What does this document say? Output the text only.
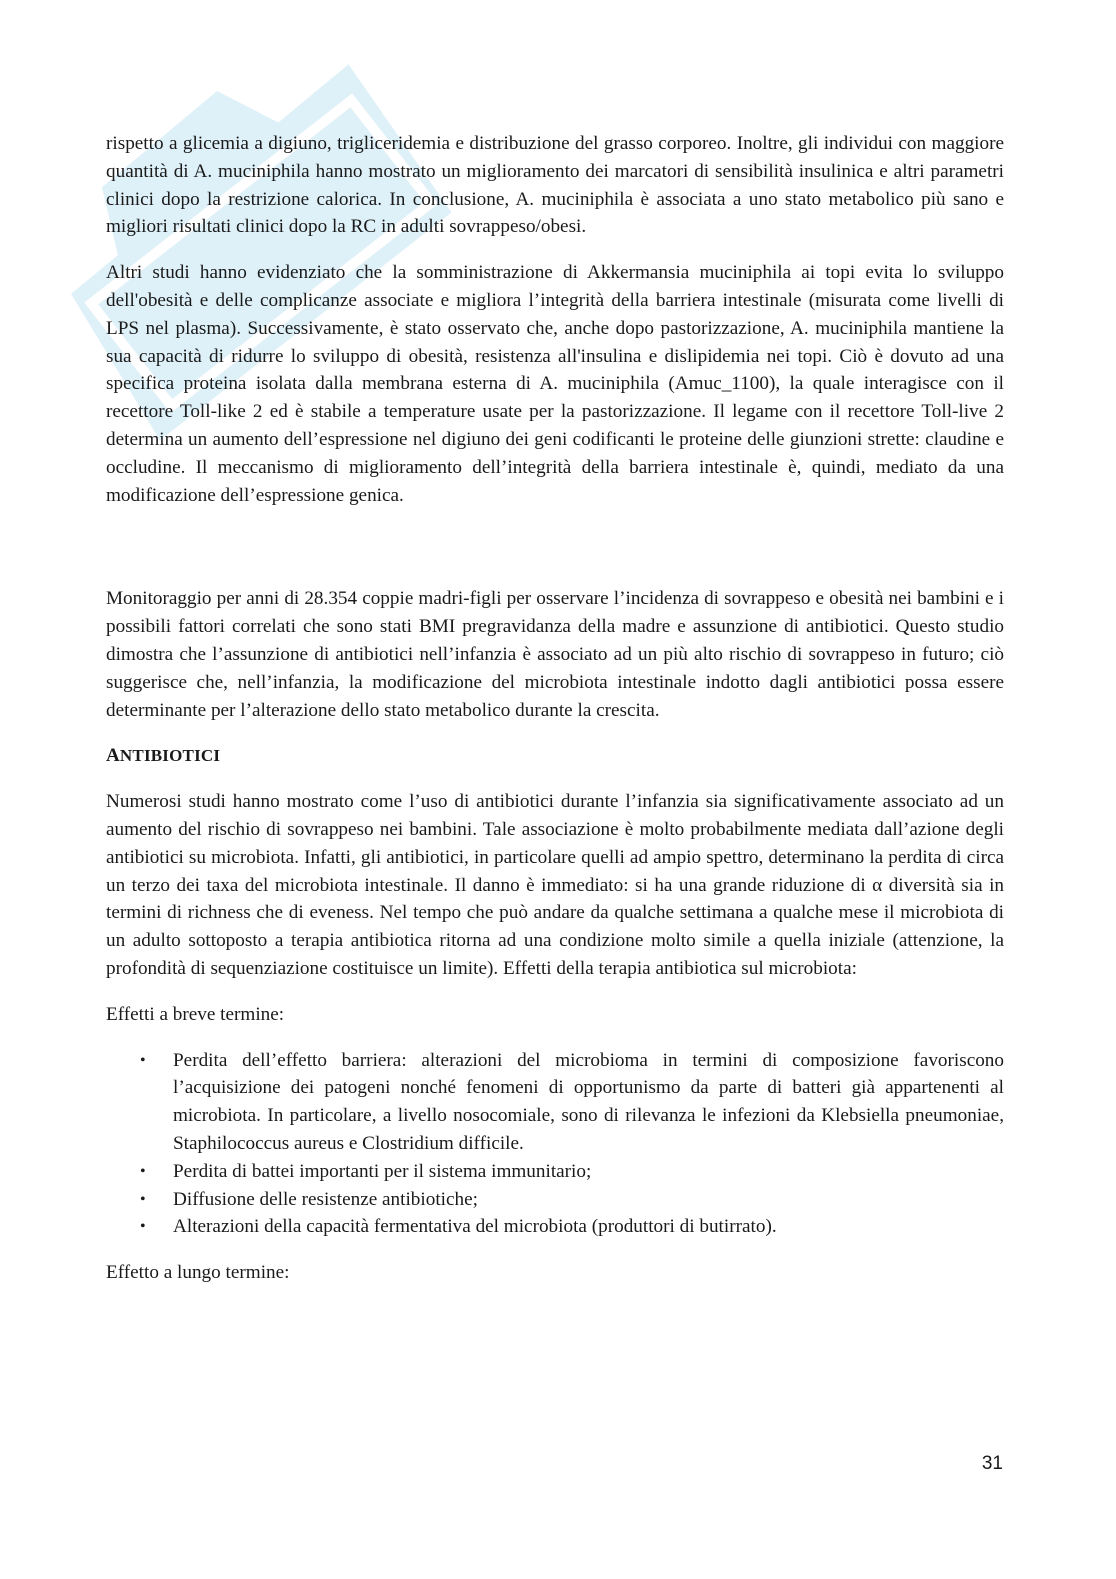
rispetto a glicemia a digiuno, trigliceridemia e distribuzione del grasso corporeo. Inoltre, gli individui con maggiore quantità di A. muciniphila hanno mostrato un miglioramento dei marcatori di sensibilità insulinica e altri parametri clinici dopo la restrizione calorica. In conclusione, A. muciniphila è associata a uno stato metabolico più sano e migliori risultati clinici dopo la RC in adulti sovrappeso/obesi.

Altri studi hanno evidenziato che la somministrazione di Akkermansia muciniphila ai topi evita lo sviluppo dell'obesità e delle complicanze associate e migliora l’integrità della barriera intestinale (misurata come livelli di LPS nel plasma). Successivamente, è stato osservato che, anche dopo pastorizzazione, A. muciniphila mantiene la sua capacità di ridurre lo sviluppo di obesità, resistenza all'insulina e dislipidemia nei topi. Ciò è dovuto ad una specifica proteina isolata dalla membrana esterna di A. muciniphila (Amuc_1100), la quale interagisce con il recettore Toll-like 2 ed è stabile a temperature usate per la pastorizzazione. Il legame con il recettore Toll-live 2 determina un aumento dell’espressione nel digiuno dei geni codificanti le proteine delle giunzioni strette: claudine e occludine. Il meccanismo di miglioramento dell’integrità della barriera intestinale è, quindi, mediato da una modificazione dell’espressione genica.

Monitoraggio per anni di 28.354 coppie madri-figli per osservare l’incidenza di sovrappeso e obesità nei bambini e i possibili fattori correlati che sono stati BMI pregravidanza della madre e assunzione di antibiotici. Questo studio dimostra che l’assunzione di antibiotici nell’infanzia è associato ad un più alto rischio di sovrappeso in futuro; ciò suggerisce che, nell’infanzia, la modificazione del microbiota intestinale indotto dagli antibiotici possa essere determinante per l’alterazione dello stato metabolico durante la crescita.

ANTIBIOTICI

Numerosi studi hanno mostrato come l’uso di antibiotici durante l’infanzia sia significativamente associato ad un aumento del rischio di sovrappeso nei bambini. Tale associazione è molto probabilmente mediata dall’azione degli antibiotici su microbiota. Infatti, gli antibiotici, in particolare quelli ad ampio spettro, determinano la perdita di circa un terzo dei taxa del microbiota intestinale. Il danno è immediato: si ha una grande riduzione di α diversità sia in termini di richness che di eveness. Nel tempo che può andare da qualche settimana a qualche mese il microbiota di un adulto sottoposto a terapia antibiotica ritorna ad una condizione molto simile a quella iniziale (attenzione, la profondità di sequenziazione costituisce un limite). Effetti della terapia antibiotica sul microbiota:

Effetti a breve termine:

• Perdita dell’effetto barriera: alterazioni del microbioma in termini di composizione favoriscono l’acquisizione dei patogeni nonché fenomeni di opportunismo da parte di batteri già appartenenti al microbiota. In particolare, a livello nosocomiale, sono di rilevanza le infezioni da Klebsiella pneumoniae, Staphilococcus aureus e Clostridium difficile.
• Perdita di battei importanti per il sistema immunitario;
• Diffusione delle resistenze antibiotiche;
• Alterazioni della capacità fermentativa del microbiota (produttori di butirrato).

Effetto a lungo termine:

31
